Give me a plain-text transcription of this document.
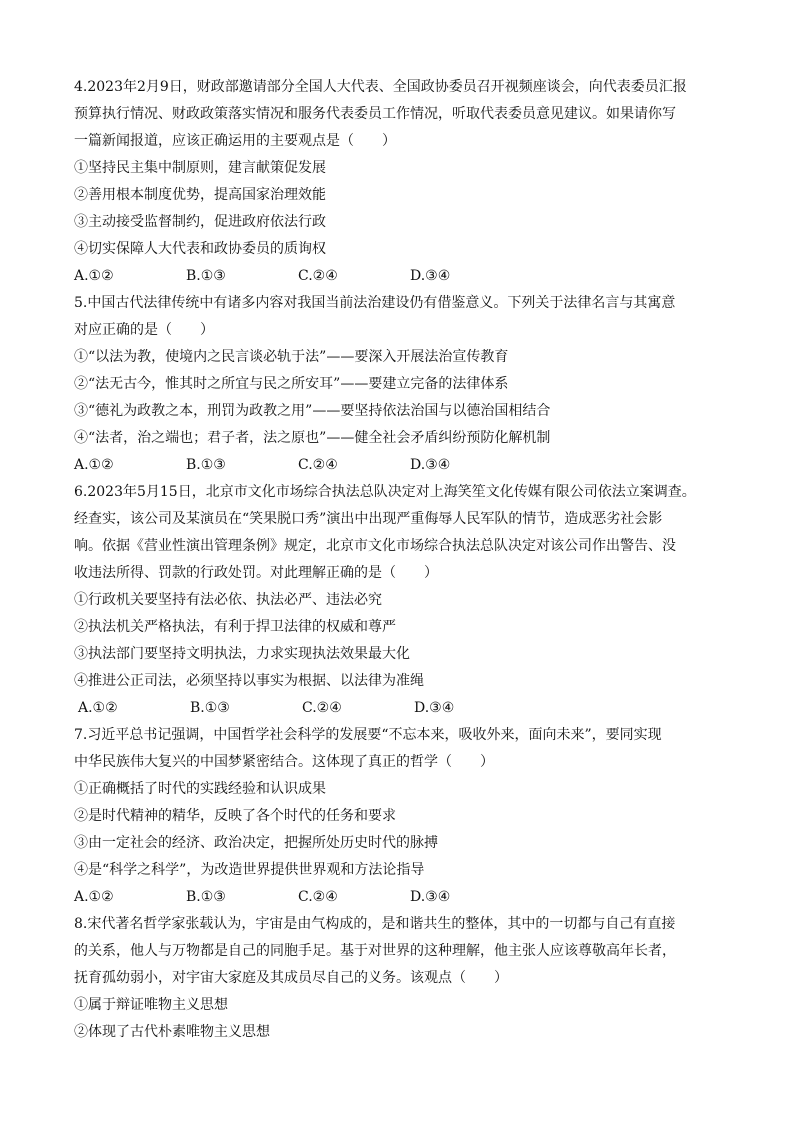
4.2023年2月9日，财政部邀请部分全国人大代表、全国政协委员召开视频座谈会，向代表委员汇报
预算执行情况、财政政策落实情况和服务代表委员工作情况，听取代表委员意见建议。如果请你写
一篇新闻报道，应该正确运用的主要观点是（　　）
①坚持民主集中制原则，建言献策促发展
②善用根本制度优势，提高国家治理效能
③主动接受监督制约，促进政府依法行政
④切实保障人大代表和政协委员的质询权
A.①②	B.①③	C.②④	D.③④
5.中国古代法律传统中有诸多内容对我国当前法治建设仍有借鉴意义。下列关于法律名言与其寓意
对应正确的是（　　）
①“以法为教，使境内之民言谈必轨于法”——要深入开展法治宣传教育
②“法无古今，惟其时之所宜与民之所安耳”——要建立完备的法律体系
③“德礼为政教之本，刑罚为政教之用”——要坚持依法治国与以德治国相结合
④“法者，治之端也；君子者，法之原也”——健全社会矛盾纠纷预防化解机制
A.①②	B.①③	C.②④	D.③④
6.2023年5月15日，北京市文化市场综合执法总队决定对上海笑笙文化传媒有限公司依法立案调查。
经查实，该公司及某演员在“笑果脱口秀”演出中出现严重侮辱人民军队的情节，造成恶劣社会影
响。依据《营业性演出管理条例》规定，北京市文化市场综合执法总队决定对该公司作出警告、没
收违法所得、罚款的行政处罚。对此理解正确的是（　　）
①行政机关要坚持有法必依、执法必严、违法必究
②执法机关严格执法，有利于捍卫法律的权威和尊严
③执法部门要坚持文明执法，力求实现执法效果最大化
④推进公正司法，必须坚持以事实为根据、以法律为准绳
A.①②	B.①③	C.②④	D.③④
7.习近平总书记强调，中国哲学社会科学的发展要“不忘本来，吸收外来，面向未来”，要同实现
中华民族伟大复兴的中国梦紧密结合。这体现了真正的哲学（　　）
①正确概括了时代的实践经验和认识成果
②是时代精神的精华，反映了各个时代的任务和要求
③由一定社会的经济、政治决定，把握所处历史时代的脉搏
④是“科学之科学”，为改造世界提供世界观和方法论指导
A.①②	B.①③	C.②④	D.③④
8.宋代著名哲学家张载认为，宇宙是由气构成的，是和谐共生的整体，其中的一切都与自己有直接
的关系，他人与万物都是自己的同胞手足。基于对世界的这种理解，他主张人应该尊敬高年长者，
抚育孤幼弱小，对宇宙大家庭及其成员尽自己的义务。该观点（　　）
①属于辩证唯物主义思想
②体现了古代朴素唯物主义思想
